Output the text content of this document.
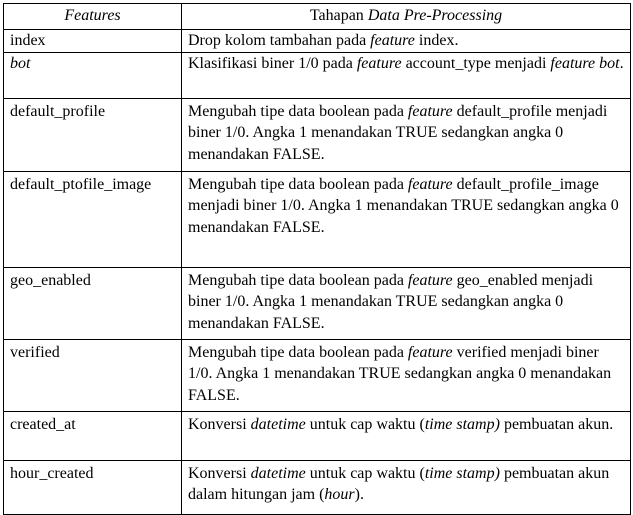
Features	Tahapan Data Pre-Processing
index	Drop kolom tambahan pada feature index.
bot	Klasifikasi biner 1/0 pada feature account_type menjadi feature bot.
default_profile	Mengubah tipe data boolean pada feature default_profile menjadi biner 1/0. Angka 1 menandakan TRUE sedangkan angka 0 menandakan FALSE.
default_ptofile_image	Mengubah tipe data boolean pada feature default_profile_image menjadi biner 1/0. Angka 1 menandakan TRUE sedangkan angka 0 menandakan FALSE.
geo_enabled	Mengubah tipe data boolean pada feature geo_enabled menjadi biner 1/0. Angka 1 menandakan TRUE sedangkan angka 0 menandakan FALSE.
verified	Mengubah tipe data boolean pada feature verified menjadi biner 1/0. Angka 1 menandakan TRUE sedangkan angka 0 menandakan FALSE.
created_at	Konversi datetime untuk cap waktu (time stamp) pembuatan akun.
hour_created	Konversi datetime untuk cap waktu (time stamp) pembuatan akun dalam hitungan jam (hour).
